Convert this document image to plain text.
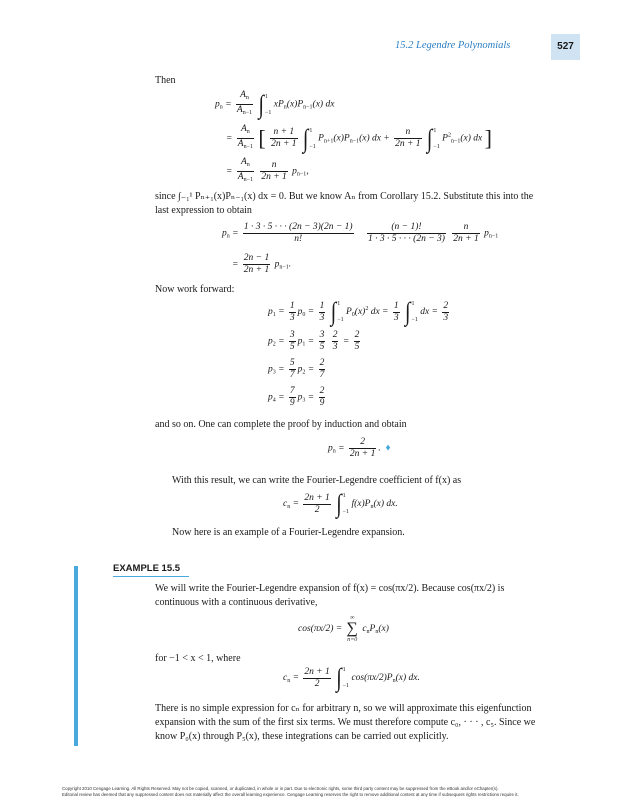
15.2 Legendre Polynomials	527
Then
$p_n = \frac{A_n}{A_{n-1}} \int 1$

−1 $xP_n(x)P_{n-1}(x)$ dx
= $\frac{A_n}{A_{n-1}}$ [ $\frac{n + 1}{2n + 1} \int 1$

−1 $P_{n+1}(x)P_{n-1}(x)$ dx + $\frac{n}{2n + 1} \int 1$

−1 $P^2_{n-1}(x)$ dx ]
= $\frac{A_n}{A_{n-1}}$
$\frac{n}{2n + 1} p_{n-1}$,
since ∫₋₁¹ Pₙ₊₁(x)Pₙ₋₁(x) dx = 0. But we know Aₙ from Corollary 15.2. Substitute this into the
last expression to obtain
$p_n = \frac{1 \cdot 3 \cdot 5 \cdot \cdot \cdot (2n - 3)(2n - 1)}{n!}$
$\frac{(n - 1)!}{1 \cdot 3 \cdot 5 \cdot \cdot \cdot (2n - 3)}$
$\frac{n}{2n + 1} p_{n-1}$
= $\frac{2n - 1}{2n + 1} p_{n-1}$.
Now work forward:
$p_1 = \frac{1}{3} p_0 = \frac{1}{3} \int 1$

−1 $P_0(x)^2$ dx = $\frac{1}{3} \int 1$

−1 dx = $\frac{2}{3}$
$p_2 = \frac{3}{5} p_1 = \frac{3}{5}$
$\frac{2}{3} = \frac{2}{5}$
$p_3 = \frac{5}{7} p_2 = \frac{2}{7}$
$p_4 = \frac{7}{9} p_3 = \frac{2}{9}$
and so on. One can complete the proof by induction and obtain
$p_n = \frac{2}{2n + 1}$ .  ♦
With this result, we can write the Fourier-Legendre coefficient of f(x) as
$c_n = \frac{2n + 1}{2} \int 1$

−1 $f(x)P_n(x)$ dx.
Now here is an example of a Fourier-Legendre expansion.
EXAMPLE 15.5
We will write the Fourier-Legendre expansion of f(x) = cos(πx/2). Because cos(πx/2) is
continuous with a continuous derivative,
cos(πx/2) =
∞
∑
n=0
$c_nP_n(x)$
for −1 < x < 1, where
$c_n = \frac{2n + 1}{2} \int 1$

−1 $\cos(\pi x/2)P_n(x)$ dx.
There is no simple expression for cₙ for arbitrary n, so we will approximate this eigenfunction
expansion with the sum of the first six terms. We must therefore compute c₀, · · · , c₅. Since we
know P₀(x) through P₅(x), these integrations can be carried out explicitly.
Copyright 2010 Cengage Learning. All Rights Reserved. May not be copied, scanned, or duplicated, in whole or in part. Due to electronic rights, some third party content may be suppressed from the eBook and/or eChapter(s).
Editorial review has deemed that any suppressed content does not materially affect the overall learning experience. Cengage Learning reserves the right to remove additional content at any time if subsequent rights restrictions require it.
